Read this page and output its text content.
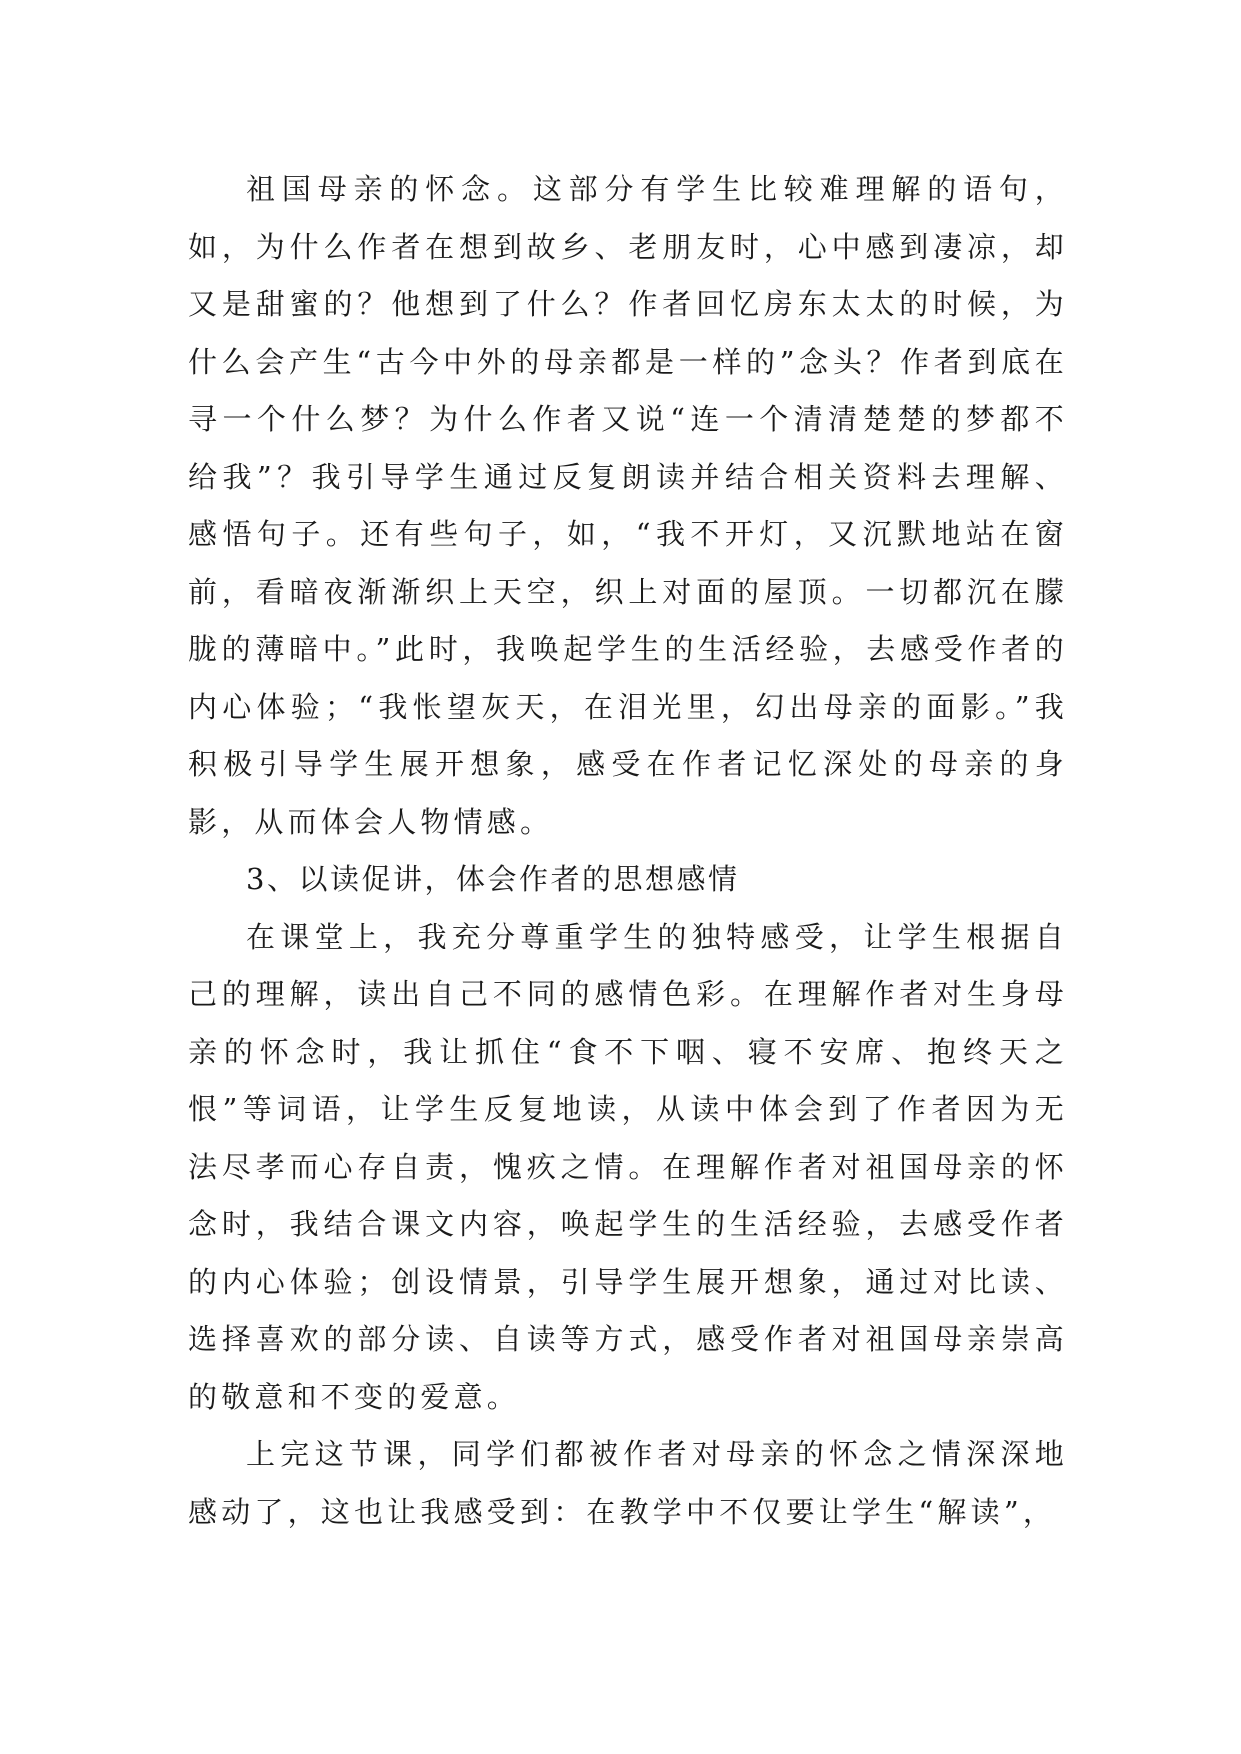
祖国母亲的怀念。这部分有学生比较难理解的语句，如，为什么作者在想到故乡、老朋友时，心中感到凄凉，却又是甜蜜的？他想到了什么？作者回忆房东太太的时候，为什么会产生“古今中外的母亲都是一样的”念头？作者到底在寻一个什么梦？为什么作者又说“连一个清清楚楚的梦都不给我”？我引导学生通过反复朗读并结合相关资料去理解、感悟句子。还有些句子，如，“我不开灯，又沉默地站在窗前，看暗夜渐渐织上天空，织上对面的屋顶。一切都沉在朦胧的薄暗中。”此时，我唤起学生的生活经验，去感受作者的内心体验；“我怅望灰天，在泪光里，幻出母亲的面影。”我积极引导学生展开想象，感受在作者记忆深处的母亲的身影，从而体会人物情感。

3、以读促讲，体会作者的思想感情

在课堂上，我充分尊重学生的独特感受，让学生根据自己的理解，读出自己不同的感情色彩。在理解作者对生身母亲的怀念时，我让抓住“食不下咽、寝不安席、抱终天之恨”等词语，让学生反复地读，从读中体会到了作者因为无法尽孝而心存自责，愧疚之情。在理解作者对祖国母亲的怀念时，我结合课文内容，唤起学生的生活经验，去感受作者的内心体验；创设情景，引导学生展开想象，通过对比读、选择喜欢的部分读、自读等方式，感受作者对祖国母亲崇高的敬意和不变的爱意。

上完这节课，同学们都被作者对母亲的怀念之情深深地感动了，这也让我感受到：在教学中不仅要让学生“解读”，
